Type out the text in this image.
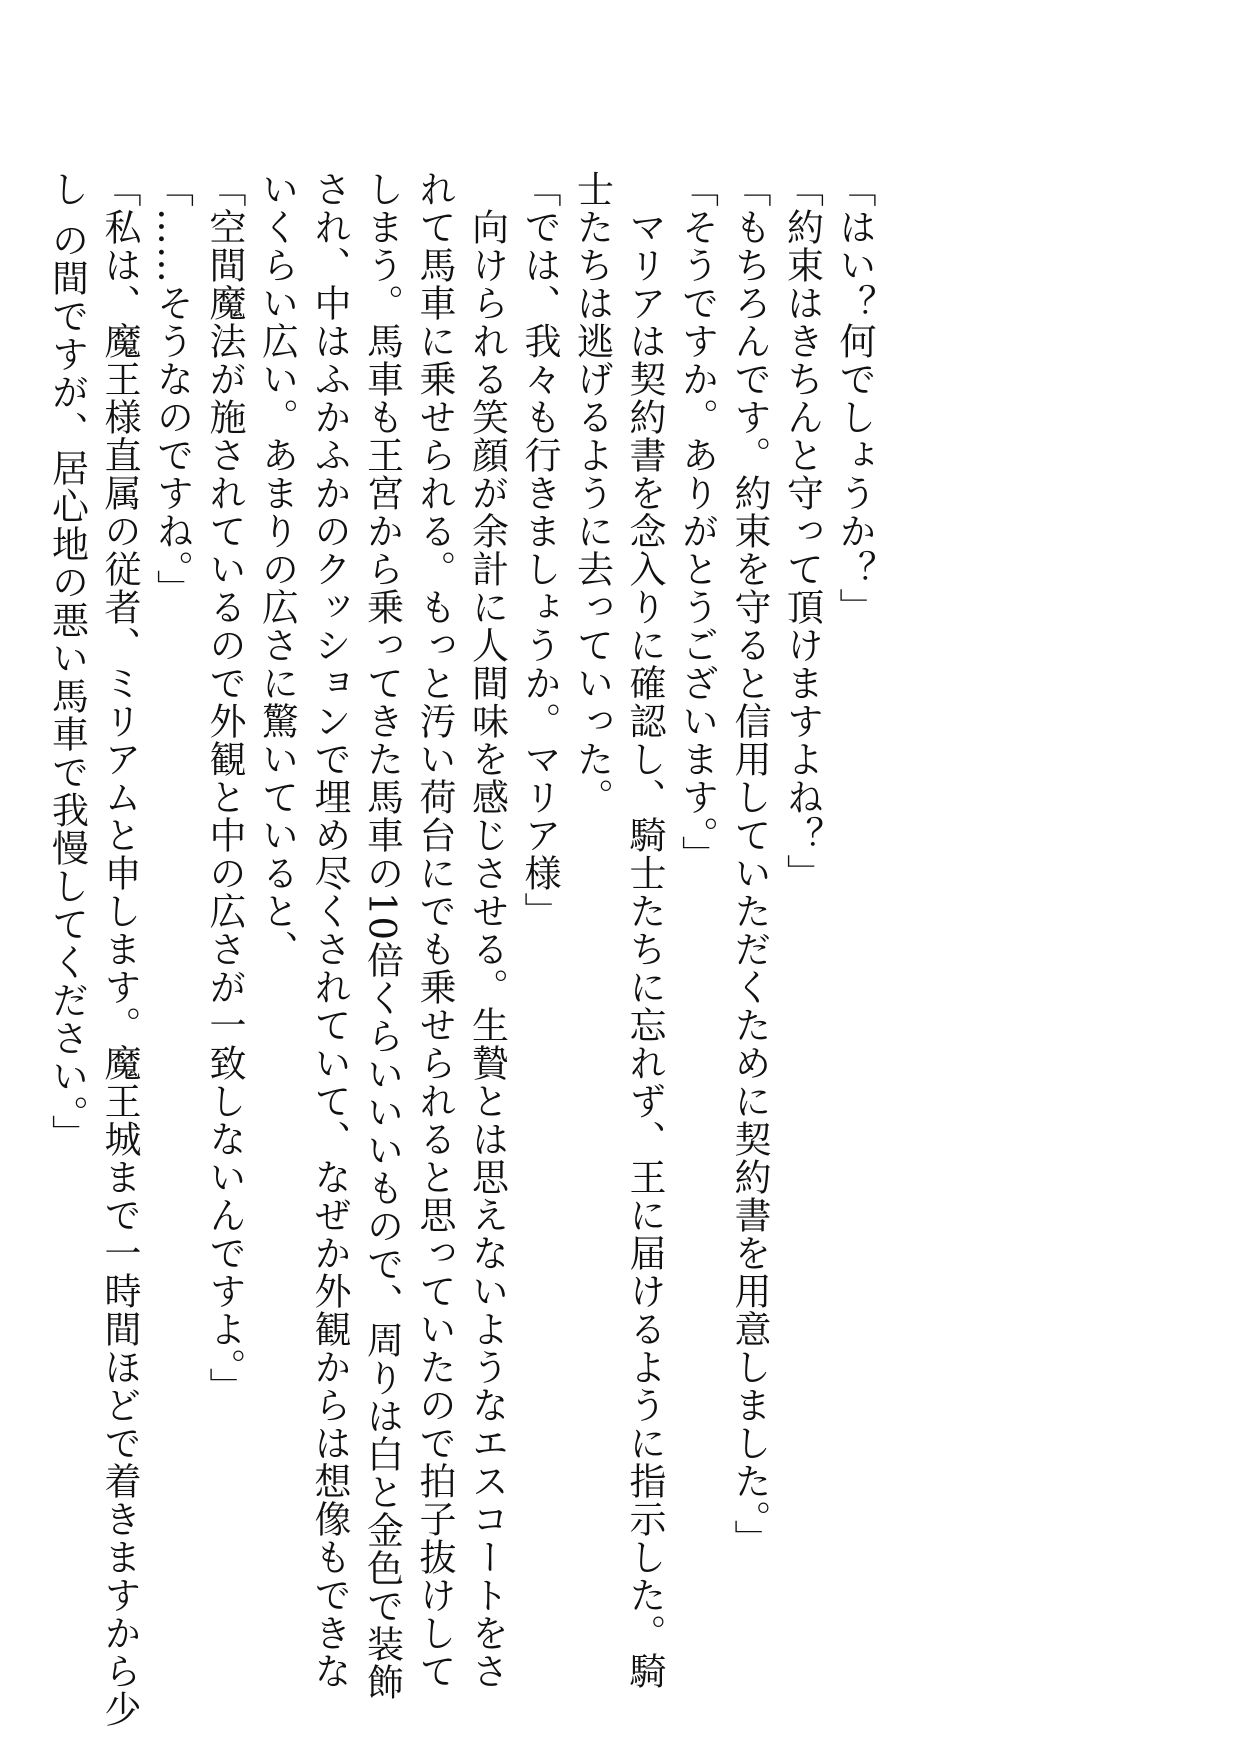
「はい？何でしょうか？」
「約束はきちんと守って頂けますよね？」
「もちろんです。約束を守ると信用していただくために契約書を用意しました。」
「そうですか。ありがとうございます。」
　マリアは契約書を念入りに確認し、騎士たちに忘れず、王に届けるように指示した。騎
士たちは逃げるように去っていった。
「では、我々も行きましょうか。マリア様」
　向けられる笑顔が余計に人間味を感じさせる。生贄とは思えないようなエスコートをさ
れて馬車に乗せられる。もっと汚い荷台にでも乗せられると思っていたので拍子抜けして
しまう。馬車も王宮から乗ってきた馬車の10倍くらいいいもので、周りは白と金色で装飾
され、中はふかふかのクッションで埋め尽くされていて、なぜか外観からは想像もできな
いくらい広い。あまりの広さに驚いていると、
「空間魔法が施されているので外観と中の広さが一致しないんですよ。」
「……そうなのですね。」
「私は、魔王様直属の従者、ミリアムと申します。魔王城まで一時間ほどで着きますから少
し の間ですが、居心地の悪い馬車で我慢してください。」
